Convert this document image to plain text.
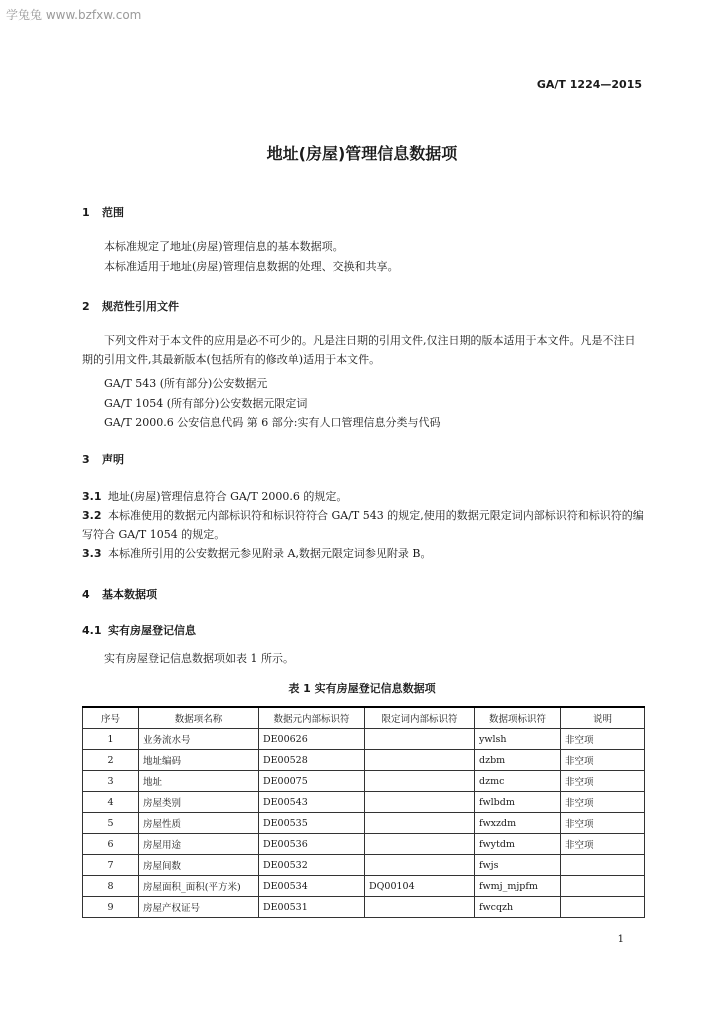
学兔兔 www.bzfxw.com
GA/T 1224—2015
地址(房屋)管理信息数据项
1 范围
本标准规定了地址(房屋)管理信息的基本数据项。
本标准适用于地址(房屋)管理信息数据的处理、交换和共享。
2 规范性引用文件
下列文件对于本文件的应用是必不可少的。凡是注日期的引用文件,仅注日期的版本适用于本文件。凡是不注日期的引用文件,其最新版本(包括所有的修改单)适用于本文件。
GA/T 543 (所有部分)公安数据元
GA/T 1054 (所有部分)公安数据元限定词
GA/T 2000.6 公安信息代码 第 6 部分:实有人口管理信息分类与代码
3 声明
3.1 地址(房屋)管理信息符合 GA/T 2000.6 的规定。
3.2 本标准使用的数据元内部标识符和标识符符合 GA/T 543 的规定,使用的数据元限定词内部标识符和标识符的编写符合 GA/T 1054 的规定。
3.3 本标准所引用的公安数据元参见附录 A,数据元限定词参见附录 B。
4 基本数据项
4.1 实有房屋登记信息
实有房屋登记信息数据项如表 1 所示。
表 1 实有房屋登记信息数据项
序号	数据项名称	数据元内部标识符	限定词内部标识符	数据项标识符	说明
1	业务流水号	DE00626		ywlsh	非空项
2	地址编码	DE00528		dzbm	非空项
3	地址	DE00075		dzmc	非空项
4	房屋类别	DE00543		fwlbdm	非空项
5	房屋性质	DE00535		fwxzdm	非空项
6	房屋用途	DE00536		fwytdm	非空项
7	房屋间数	DE00532		fwjs	
8	房屋面积_面积(平方米)	DE00534	DQ00104	fwmj_mjpfm	
9	房屋产权证号	DE00531		fwcqzh	
1
